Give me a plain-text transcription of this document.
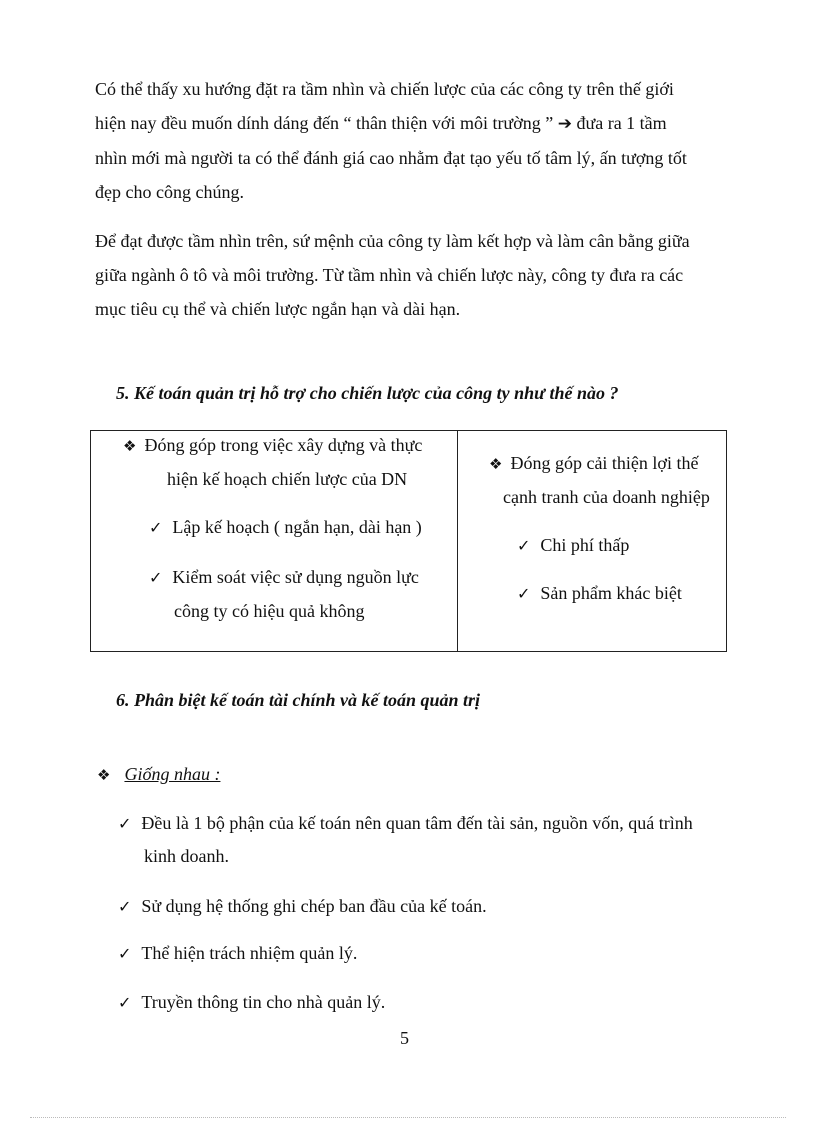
Có thể thấy xu hướng đặt ra tầm nhìn và chiến lược của các công ty trên thế giới
hiện nay đều muốn dính dáng đến “ thân thiện với môi trường ” ➔ đưa ra 1 tầm
nhìn mới mà người ta có thể đánh giá cao nhằm đạt tạo yếu tố tâm lý, ấn tượng tốt
đẹp cho công chúng.
Để đạt được tầm nhìn trên, sứ mệnh của công ty làm kết hợp và làm cân bằng giữa
giữa ngành ô tô và môi trường. Từ tầm nhìn và chiến lược này, công ty đưa ra các
mục tiêu cụ thể và chiến lược ngắn hạn và dài hạn.
5. Kế toán quản trị hỗ trợ cho chiến lược của công ty như thế nào ?
❖ Đóng góp trong việc xây dựng và thực
hiện kế hoạch chiến lược của DN
✓ Lập kế hoạch ( ngắn hạn, dài hạn )
✓ Kiểm soát việc sử dụng nguồn lực
công ty có hiệu quả không
❖ Đóng góp cải thiện lợi thế
cạnh tranh của doanh nghiệp
✓ Chi phí thấp
✓ Sản phẩm khác biệt
6. Phân biệt kế toán tài chính và kế toán quản trị
❖ Giống nhau :
✓ Đều là 1 bộ phận của kế toán nên quan tâm đến tài sản, nguồn vốn, quá trình
kinh doanh.
✓ Sử dụng hệ thống ghi chép ban đầu của kế toán.
✓ Thể hiện trách nhiệm quản lý.
✓ Truyền thông tin cho nhà quản lý.
5
